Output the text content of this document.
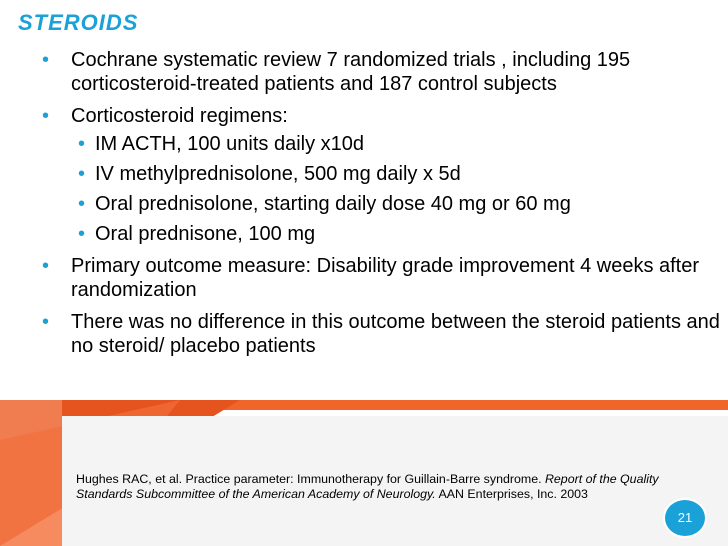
STEROIDS
• Cochrane systematic review 7 randomized trials , including 195 corticosteroid-treated patients and 187 control subjects
• Corticosteroid regimens:
• IM ACTH, 100 units daily x10d
• IV methylprednisolone, 500 mg daily x 5d
• Oral prednisolone, starting daily dose 40 mg or 60 mg
• Oral prednisone, 100 mg
• Primary outcome measure: Disability grade improvement 4 weeks after randomization
• There was no difference in this outcome between the steroid patients and no steroid/ placebo patients
Hughes RAC, et al. Practice parameter: Immunotherapy for Guillain-Barre syndrome. Report of the Quality Standards Subcommittee of the American Academy of Neurology. AAN Enterprises, Inc. 2003
21
